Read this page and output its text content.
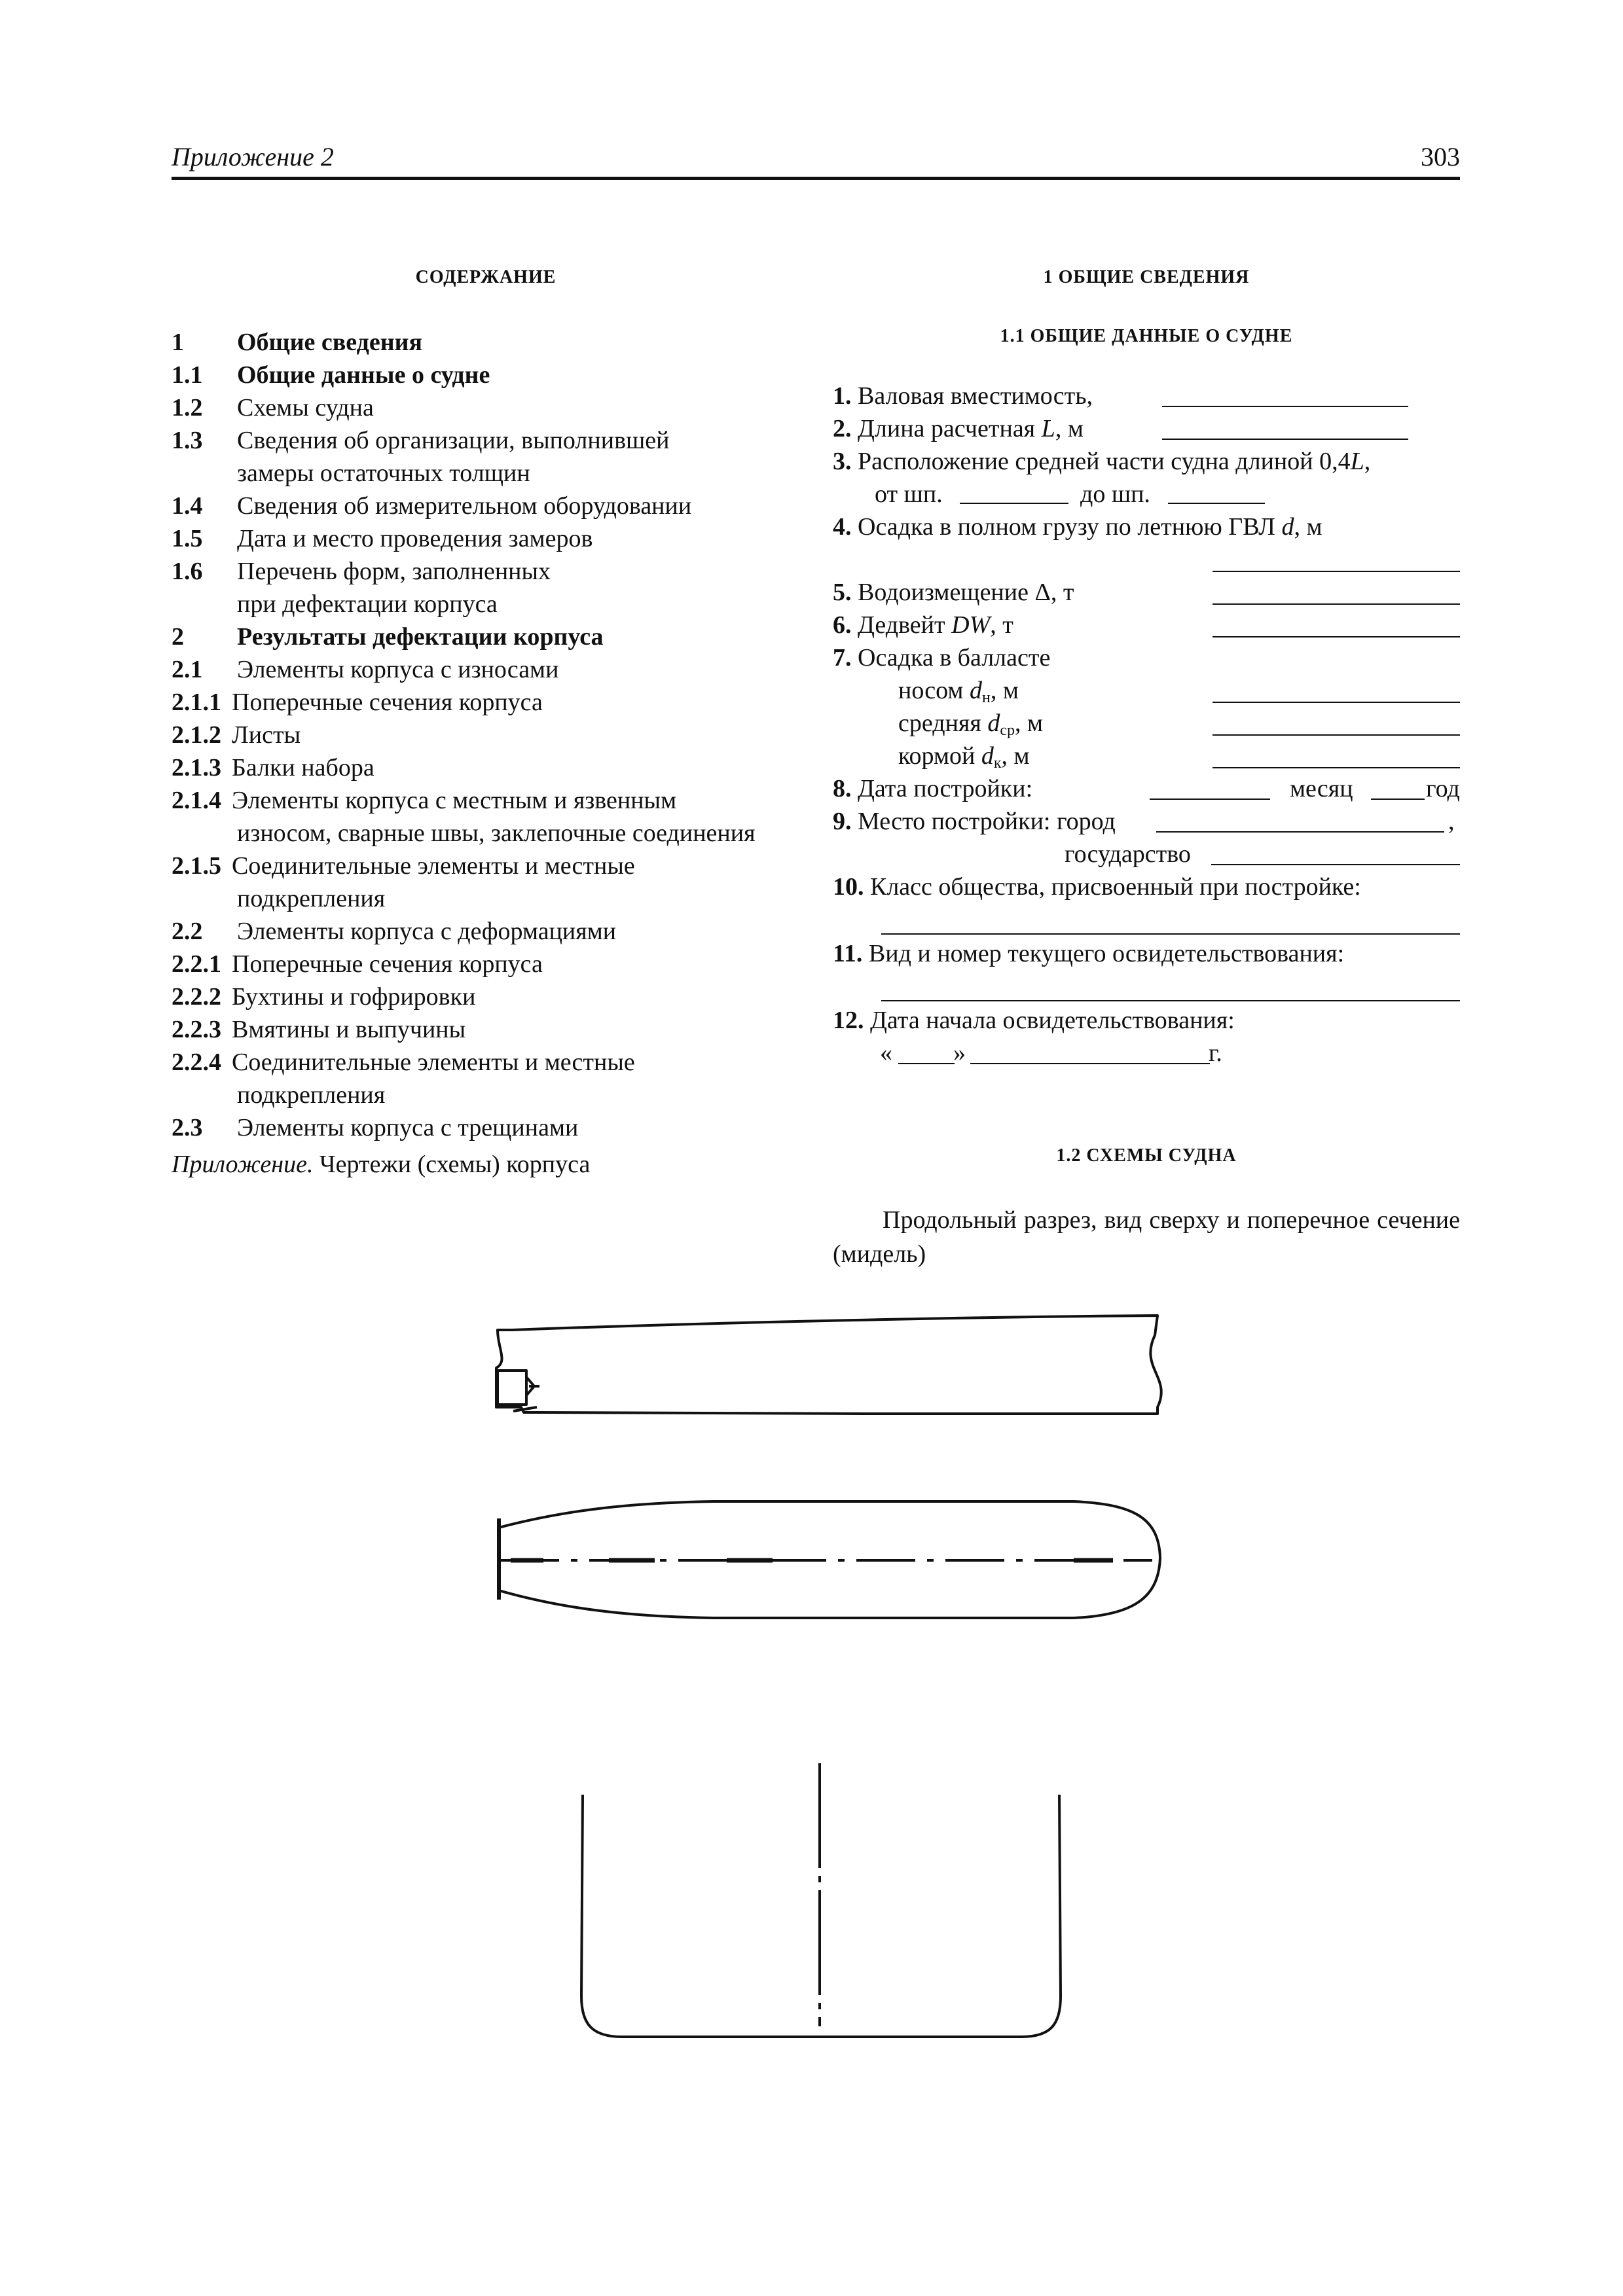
Приложение 2	303
СОДЕРЖАНИЕ
1 Общие сведения
1.1 Общие данные о судне
1.2 Схемы судна
1.3 Сведения об организации, выполнившей
замеры остаточных толщин
1.4 Сведения об измерительном оборудовании
1.5 Дата и место проведения замеров
1.6 Перечень форм, заполненных
при дефектации корпуса
2 Результаты дефектации корпуса
2.1 Элементы корпуса с износами
2.1.1 Поперечные сечения корпуса
2.1.2 Листы
2.1.3 Балки набора
2.1.4 Элементы корпуса с местным и язвенным
износом, сварные швы, заклепочные соединения
2.1.5 Соединительные элементы и местные
подкрепления
2.2 Элементы корпуса с деформациями
2.2.1 Поперечные сечения корпуса
2.2.2 Бухтины и гофрировки
2.2.3 Вмятины и выпучины
2.2.4 Соединительные элементы и местные
подкрепления
2.3 Элементы корпуса с трещинами
Приложение. Чертежи (схемы) корпуса
1 ОБЩИЕ СВЕДЕНИЯ
1.1 ОБЩИЕ ДАННЫЕ О СУДНЕ
1. Валовая вместимость,
2. Длина расчетная L, м
3. Расположение средней части судна длиной 0,4L,
от шп.	до шп.
4. Осадка в полном грузу по летнюю ГВЛ d, м
5. Водоизмещение Δ, т
6. Дедвейт DW, т
7. Осадка в балласте
носом $d_н$, м
средняя $d_{ср}$, м
кормой $d_к$, м
8. Дата постройки:	месяц	год
9. Место постройки: город	,
государство
10. Класс общества, присвоенный при постройке:
11. Вид и номер текущего освидетельствования:
12. Дата начала освидетельствования:
« »	г.
1.2 СХЕМЫ СУДНА
Продольный разрез, вид сверху и поперечное сечение (мидель)
